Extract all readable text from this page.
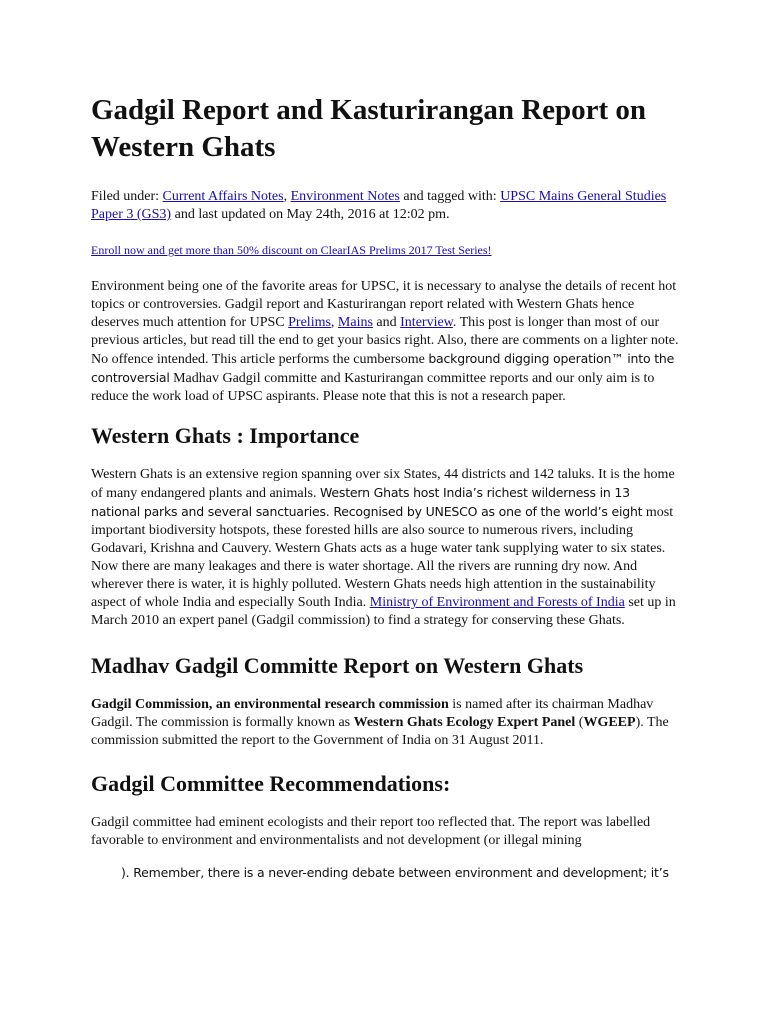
Gadgil Report and Kasturirangan Report on Western Ghats

Filed under: Current Affairs Notes, Environment Notes and tagged with: UPSC Mains General Studies Paper 3 (GS3) and last updated on May 24th, 2016 at 12:02 pm.

Enroll now and get more than 50% discount on ClearIAS Prelims 2017 Test Series!

Environment being one of the favorite areas for UPSC, it is necessary to analyse the details of recent hot topics or controversies. Gadgil report and Kasturirangan report related with Western Ghats hence deserves much attention for UPSC Prelims, Mains and Interview. This post is longer than most of our previous articles, but read till the end to get your basics right. Also, there are comments on a lighter note. No offence intended. This article performs the cumbersome background digging operation™ into the controversial Madhav Gadgil committe and Kasturirangan committee reports and our only aim is to reduce the work load of UPSC aspirants. Please note that this is not a research paper.

Western Ghats : Importance

Western Ghats is an extensive region spanning over six States, 44 districts and 142 taluks. It is the home of many endangered plants and animals. Western Ghats host India’s richest wilderness in 13 national parks and several sanctuaries. Recognised by UNESCO as one of the world’s eight most important biodiversity hotspots, these forested hills are also source to numerous rivers, including Godavari, Krishna and Cauvery. Western Ghats acts as a huge water tank supplying water to six states. Now there are many leakages and there is water shortage. All the rivers are running dry now. And wherever there is water, it is highly polluted. Western Ghats needs high attention in the sustainability aspect of whole India and especially South India. Ministry of Environment and Forests of India set up in March 2010 an expert panel (Gadgil commission) to find a strategy for conserving these Ghats.

Madhav Gadgil Committe Report on Western Ghats

Gadgil Commission, an environmental research commission is named after its chairman Madhav Gadgil. The commission is formally known as Western Ghats Ecology Expert Panel (WGEEP). The commission submitted the report to the Government of India on 31 August 2011.

Gadgil Committee Recommendations:

Gadgil committee had eminent ecologists and their report too reflected that. The report was labelled favorable to environment and environmentalists and not development (or illegal mining

). Remember, there is a never-ending debate between environment and development; it’s
